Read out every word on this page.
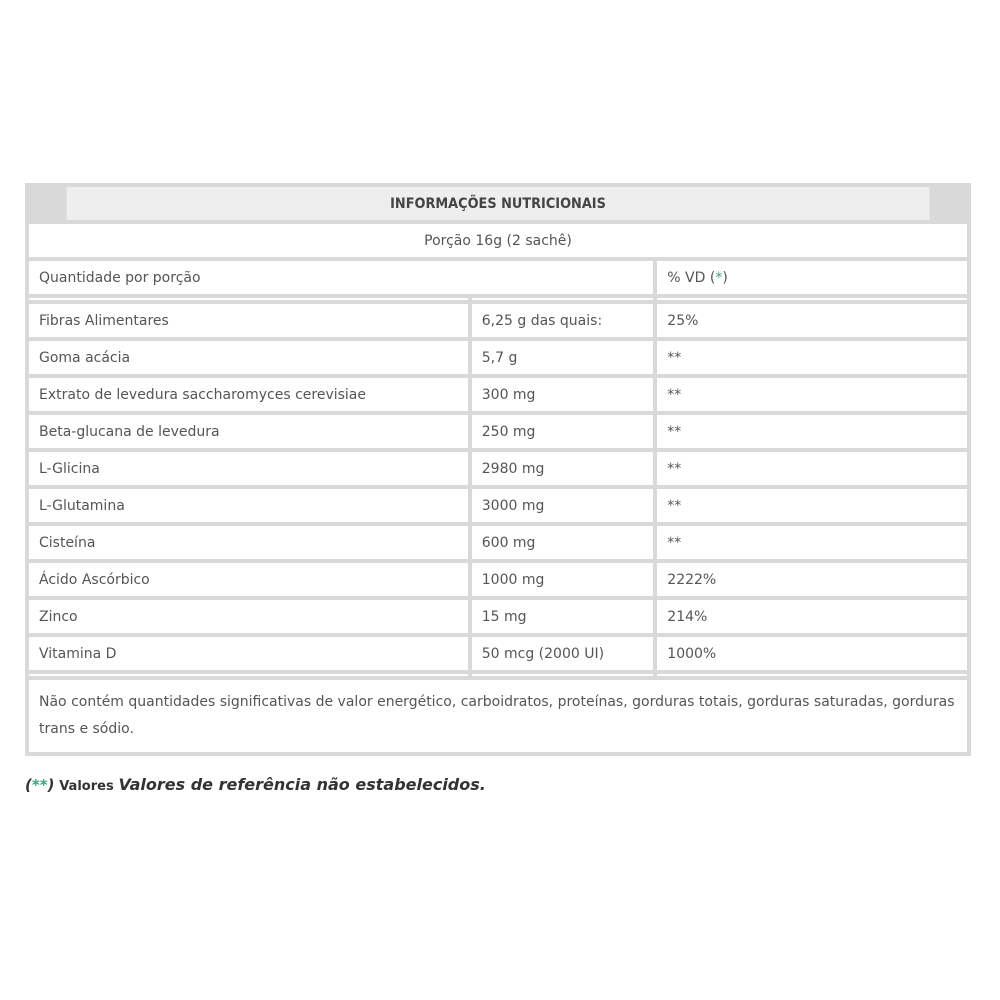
INFORMAÇÕES NUTRICIONAIS		
Porção 16g (2 sachê)		
Quantidade por porção		% VD (*)

Fibras Alimentares	6,25 g das quais:	25%
Goma acácia	5,7 g	**
Extrato de levedura saccharomyces cerevisiae	300 mg	**
Beta-glucana de levedura	250 mg	**
L-Glicina	2980 mg	**
L-Glutamina	3000 mg	**
Cisteína	600 mg	**
Ácido Ascórbico	1000 mg	2222%
Zinco	15 mg	214%
Vitamina D	50 mcg (2000 UI)	1000%

Não contém quantidades significativas de valor energético, carboidratos, proteínas, gorduras totais, gorduras saturadas, gorduras trans e sódio.		
(**) Valores Valores de referência não estabelecidos.
